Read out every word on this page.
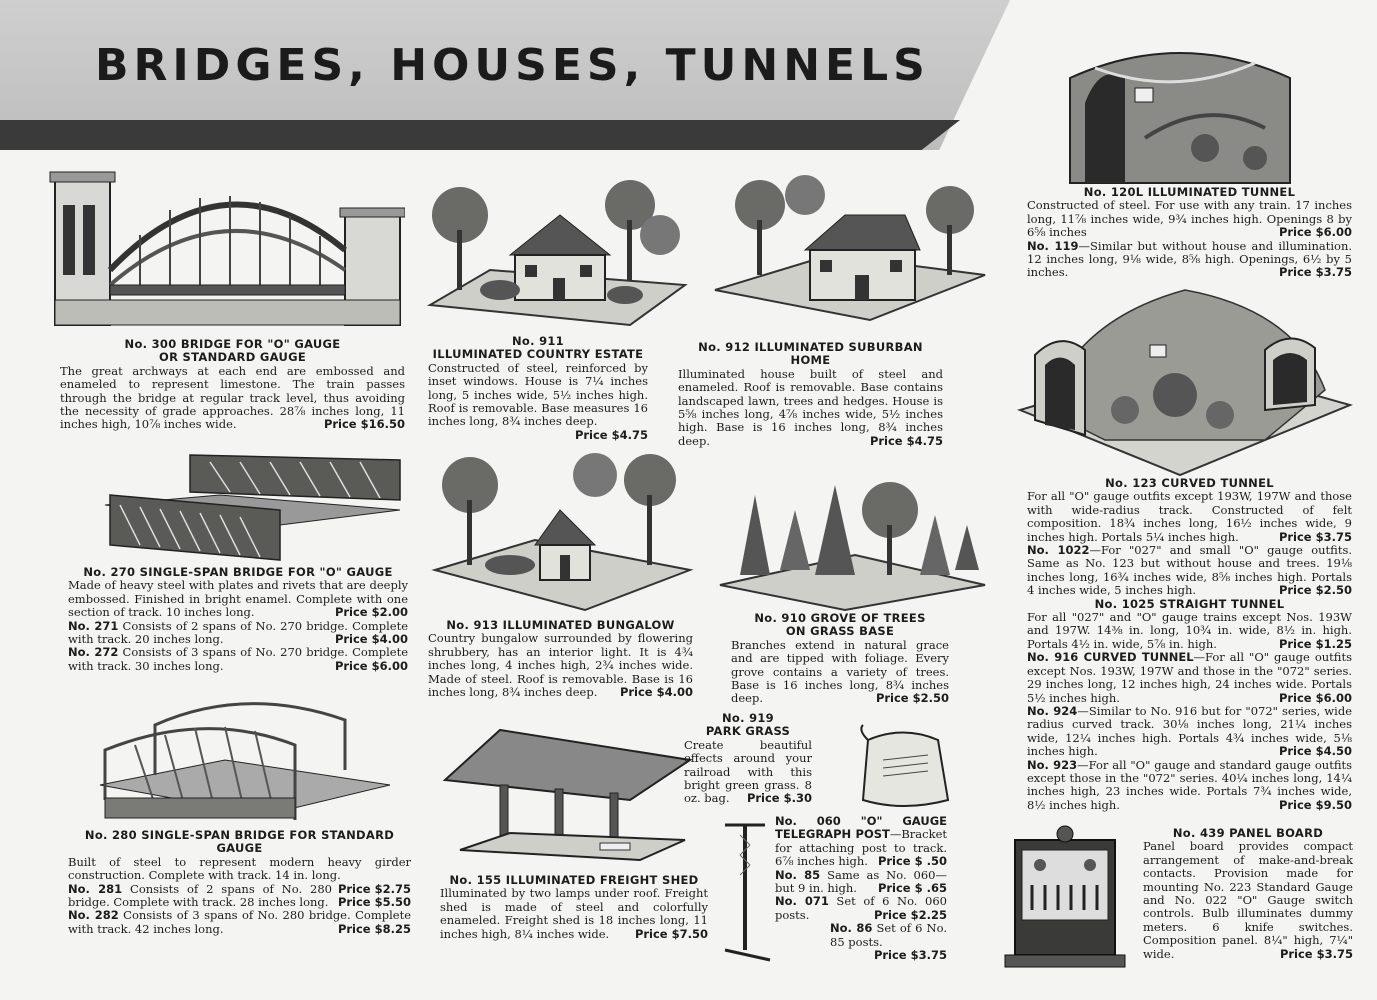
BRIDGES, HOUSES, TUNNELS
No. 300 BRIDGE FOR "O" GAUGE
OR STANDARD GAUGE

The great archways at each end are embossed and enameled to represent limestone. The train passes through the bridge at regular track level, thus avoiding the necessity of grade approaches. 28⅞ inches long, 11 inches high, 10⅞ inches wide.	Price $16.50

No. 911
ILLUMINATED COUNTRY ESTATE

Constructed of steel, reinforced by inset windows. House is 7¼ inches long, 5 inches wide, 5½ inches high. Roof is removable. Base measures 16 inches long, 8¾ inches deep.
Price $4.75

No. 912 ILLUMINATED SUBURBAN HOME

Illuminated house built of steel and enameled. Roof is removable. Base contains landscaped lawn, trees and hedges. House is 5⅝ inches long, 4⅞ inches wide, 5½ inches high. Base is 16 inches long, 8¾ inches deep.	Price $4.75

No. 120L ILLUMINATED TUNNEL

Constructed of steel. For use with any train. 17 inches long, 11⅞ inches wide, 9¾ inches high. Openings 8 by 6⅝ inches	Price $6.00

No. 119—Similar but without house and illumination. 12 inches long, 9⅛ wide, 8⅝ high. Openings, 6½ by 5 inches.	Price $3.75

No. 270 SINGLE-SPAN BRIDGE FOR "O" GAUGE

Made of heavy steel with plates and rivets that are deeply embossed. Finished in bright enamel. Complete with one section of track. 10 inches long.	Price $2.00

No. 271 Consists of 2 spans of No. 270 bridge. Complete with track. 20 inches long.	Price $4.00

No. 272 Consists of 3 spans of No. 270 bridge. Complete with track. 30 inches long.	Price $6.00

No. 913 ILLUMINATED BUNGALOW

Country bungalow surrounded by flowering shrubbery, has an interior light. It is 4¾ inches long, 4 inches high, 2¾ inches wide. Made of steel. Roof is removable. Base is 16 inches long, 8¾ inches deep. Price $4.00

No. 910 GROVE OF TREES
ON GRASS BASE

Branches extend in natural grace and are tipped with foliage. Every grove contains a variety of trees. Base is 16 inches long, 8¾ inches deep.	Price $2.50

No. 123 CURVED TUNNEL

For all "O" gauge outfits except 193W, 197W and those with wide-radius track. Constructed of felt composition. 18¾ inches long, 16½ inches wide, 9 inches high. Portals 5¼ inches high.	Price $3.75

No. 1022—For "027" and small "O" gauge outfits. Same as No. 123 but without house and trees. 19⅛ inches long, 16¾ inches wide, 8⅝ inches high. Portals 4 inches wide, 5 inches high.	Price $2.50

No. 1025 STRAIGHT TUNNEL

For all "027" and "O" gauge trains except Nos. 193W and 197W. 14⅜ in. long, 10¾ in. wide, 8½ in. high. Portals 4½ in. wide, 5⅞ in. high.	Price $1.25

No. 916 CURVED TUNNEL—For all "O" gauge outfits except Nos. 193W, 197W and those in the "072" series. 29 inches long, 12 inches high, 24 inches wide. Portals 5½ inches high.	Price $6.00

No. 924—Similar to No. 916 but for "072" series, wide radius curved track. 30⅛ inches long, 21¼ inches wide, 12¼ inches high. Portals 4¾ inches wide, 5⅛ inches high.	Price $4.50

No. 923—For all "O" gauge and standard gauge outfits except those in the "072" series. 40¼ inches long, 14¼ inches high, 23 inches wide. Portals 7¾ inches wide, 8½ inches high.	Price $9.50

No. 919
PARK GRASS

Create beautiful effects around your railroad with this bright green grass. 8 oz. bag. Price $.30

No. 280 SINGLE-SPAN BRIDGE FOR STANDARD GAUGE

Built of steel to represent modern heavy girder construction. Complete with track. 14 in. long.
Price $2.75

No. 281 Consists of 2 spans of No. 280 bridge. Complete with track. 28 inches long. Price $5.50

No. 282 Consists of 3 spans of No. 280 bridge. Complete with track. 42 inches long.	Price $8.25

No. 155 ILLUMINATED FREIGHT SHED

Illuminated by two lamps under roof. Freight shed is made of steel and colorfully enameled. Freight shed is 18 inches long, 11 inches high, 8¼ inches wide. Price $7.50

No. 060 "O" GAUGE TELEGRAPH POST—Bracket for attaching post to track. 6⅞ inches high. Price $ .50

No. 85 Same as No. 060—but 9 in. high. Price $ .65

No. 071 Set of 6 No. 060 posts.	Price $2.25

No. 86 Set of 6 No. 85 posts.
Price $3.75

No. 439 PANEL BOARD

Panel board provides compact arrangement of make-and-break contacts. Provision made for mounting No. 223 Standard Gauge and No. 022 "O" Gauge switch controls. Bulb illuminates dummy meters. 6 knife switches. Composition panel. 8¼" high, 7¼" wide.	Price $3.75
